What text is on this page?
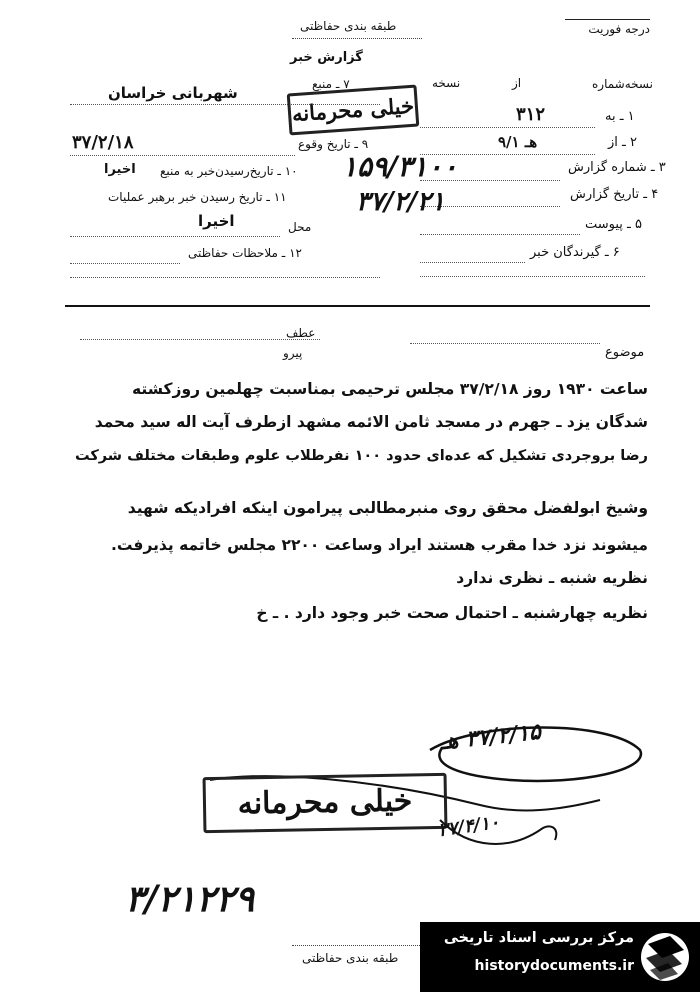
طبقه بندی حفاظتی	درجه فوریت
گزارش خبر
نسخه‌شماره
از
نسخه
۱ ـ به
۳۱۲
۲ ـ از
۹/هـ ۱
۳ ـ شماره گزارش
۴ ـ تاریخ گزارش
۵ ـ پیوست
۶ ـ گیرندگان خبر
۷ ـ منبع
شهربانی خراسان
۹ ـ تاریخ وقوع
۳۷/۲/۱۸
۱۰ ـ تاریخ‌رسیدن‌خبر به منبع
اخیرا
۱۱ ـ تاریخ رسیدن خبر برهبر عملیات
محل
اخیرا
۱۲ ـ ملاحظات حفاظتی
۱۵۹/۳۱۰۰
۳۷/۲/۲۱
خیلی محرمانه
عطف
پیرو	موضوع
ساعت ۱۹۳۰ روز ۳۷/۲/۱۸ مجلس ترحیمی بمناسبت چهلمین روزکشته
شدگان یزد ـ جهرم در مسجد ثامن الائمه مشهد ازطرف آیت اله سید محمد
رضا بروجردی تشکیل که عده‌ای حدود ۱۰۰ نفرطلاب علوم وطبقات مختلف شرکت
وشیخ ابولفضل محقق روی منبرمطالبی پیرامون اینکه افرادیکه شهید
میشوند نزد خدا مقرب هستند ایراد وساعت ۲۲۰۰ مجلس خاتمه پذیرفت.
نظریه شنبه ـ نظری ندارد
نظریه چهارشنبه ـ احتمال صحت خبر وجود دارد . ـ خ
۳۷/۲/۱۵ هـ
خیلی محرمانه
۳۷/۴/۱۰
۳/۲۱۲۲۹
طبقه بندی حفاظتی
مرکز بررسی اسناد تاریخی
historydocuments.ir
